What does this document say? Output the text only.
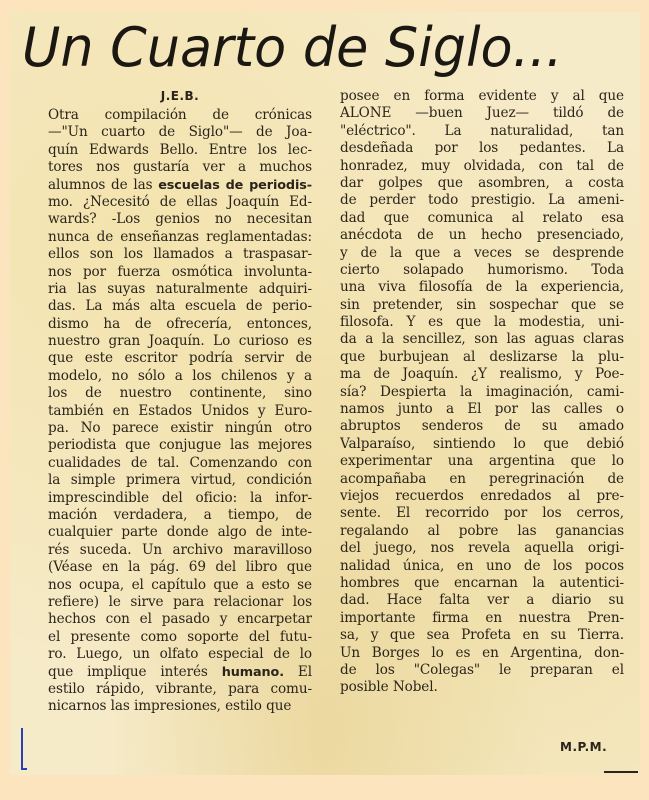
Un Cuarto de Siglo...
J.E.B.
Otra compilación de crónicas
—"Un cuarto de Siglo"— de Joa-
quín Edwards Bello. Entre los lec-
tores nos gustaría ver a muchos
alumnos de las escuelas de periodis-
mo. ¿Necesitó de ellas Joaquín Ed-
wards? -Los genios no necesitan
nunca de enseñanzas reglamentadas:
ellos son los llamados a traspasar-
nos por fuerza osmótica involunta-
ria las suyas naturalmente adquiri-
das. La más alta escuela de perio-
dismo ha de ofrecería, entonces,
nuestro gran Joaquín. Lo curioso es
que este escritor podría servir de
modelo, no sólo a los chilenos y a
los de nuestro continente, sino
también en Estados Unidos y Euro-
pa. No parece existir ningún otro
periodista que conjugue las mejores
cualidades de tal. Comenzando con
la simple primera virtud, condición
imprescindible del oficio: la infor-
mación verdadera, a tiempo, de
cualquier parte donde algo de inte-
rés suceda. Un archivo maravilloso
(Véase en la pág. 69 del libro que
nos ocupa, el capítulo que a esto se
refiere) le sirve para relacionar los
hechos con el pasado y encarpetar
el presente como soporte del futu-
ro. Luego, un olfato especial de lo
que implique interés humano. El
estilo rápido, vibrante, para comu-
nicarnos las impresiones, estilo que
posee en forma evidente y al que
ALONE —buen Juez— tildó de
"eléctrico". La naturalidad, tan
desdeñada por los pedantes. La
honradez, muy olvidada, con tal de
dar golpes que asombren, a costa
de perder todo prestigio. La ameni-
dad que comunica al relato esa
anécdota de un hecho presenciado,
y de la que a veces se desprende
cierto solapado humorismo. Toda
una viva filosofía de la experiencia,
sin pretender, sin sospechar que se
filosofa. Y es que la modestia, uni-
da a la sencillez, son las aguas claras
que burbujean al deslizarse la plu-
ma de Joaquín. ¿Y realismo, y Poe-
sía? Despierta la imaginación, cami-
namos junto a El por las calles o
abruptos senderos de su amado
Valparaíso, sintiendo lo que debió
experimentar una argentina que lo
acompañaba en peregrinación de
viejos recuerdos enredados al pre-
sente. El recorrido por los cerros,
regalando al pobre las ganancias
del juego, nos revela aquella origi-
nalidad única, en uno de los pocos
hombres que encarnan la autentici-
dad. Hace falta ver a diario su
importante firma en nuestra Pren-
sa, y que sea Profeta en su Tierra.
Un Borges lo es en Argentina, don-
de los "Colegas" le preparan el
posible Nobel.
M.P.M.
